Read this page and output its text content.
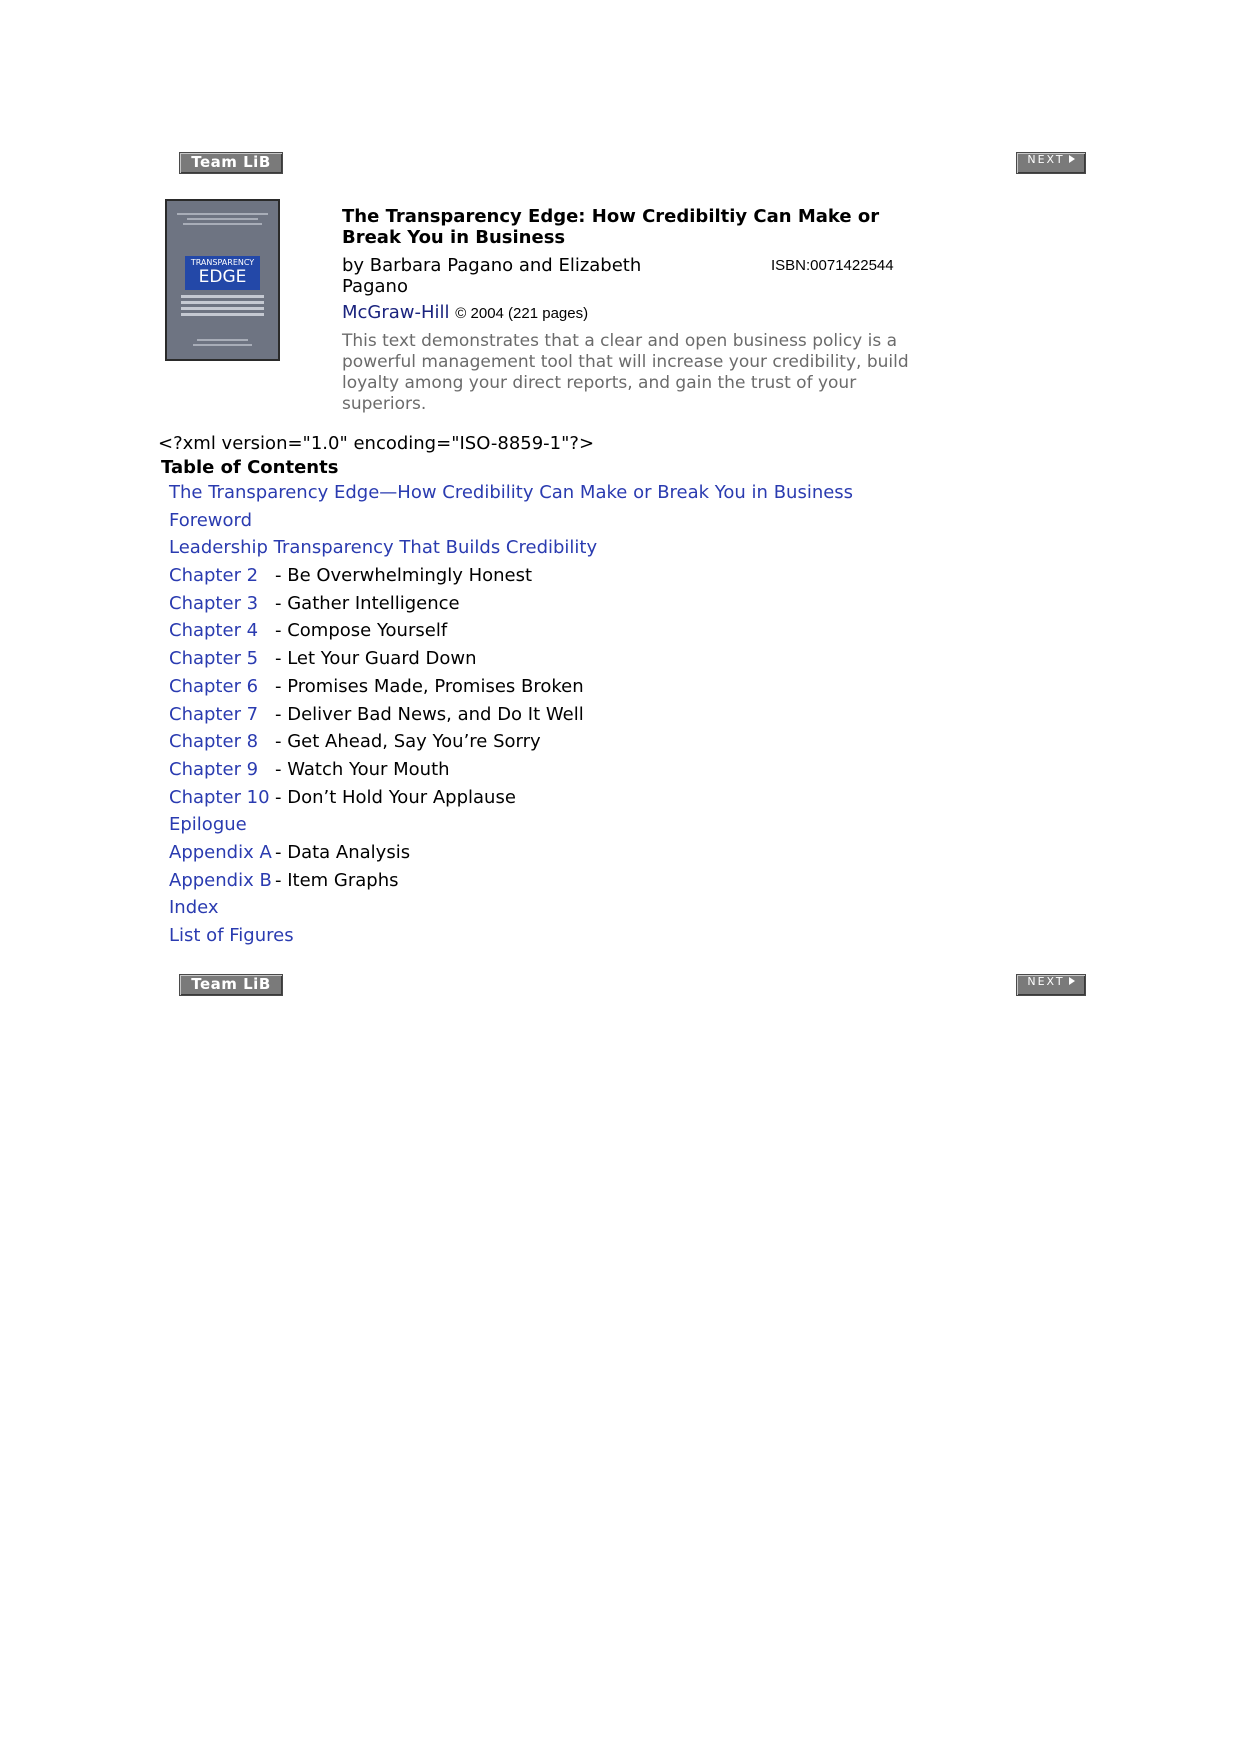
Team LiB	NEXT
TRANSPARENCY
EDGE
The Transparency Edge: How Credibiltiy Can Make or Break You in Business
by Barbara Pagano and Elizabeth Pagano
ISBN:0071422544
McGraw-Hill © 2004 (221 pages)
This text demonstrates that a clear and open business policy is a powerful management tool that will increase your credibility, build loyalty among your direct reports, and gain the trust of your superiors.
<?xml version="1.0" encoding="ISO-8859-1"?>
Table of Contents
The Transparency Edge—How Credibility Can Make or Break You in Business
Foreword
Leadership Transparency That Builds Credibility
Chapter 2 - Be Overwhelmingly Honest
Chapter 3 - Gather Intelligence
Chapter 4 - Compose Yourself
Chapter 5 - Let Your Guard Down
Chapter 6 - Promises Made, Promises Broken
Chapter 7 - Deliver Bad News, and Do It Well
Chapter 8 - Get Ahead, Say You’re Sorry
Chapter 9 - Watch Your Mouth
Chapter 10 - Don’t Hold Your Applause
Epilogue
Appendix A - Data Analysis
Appendix B - Item Graphs
Index
List of Figures
Team LiB	NEXT
